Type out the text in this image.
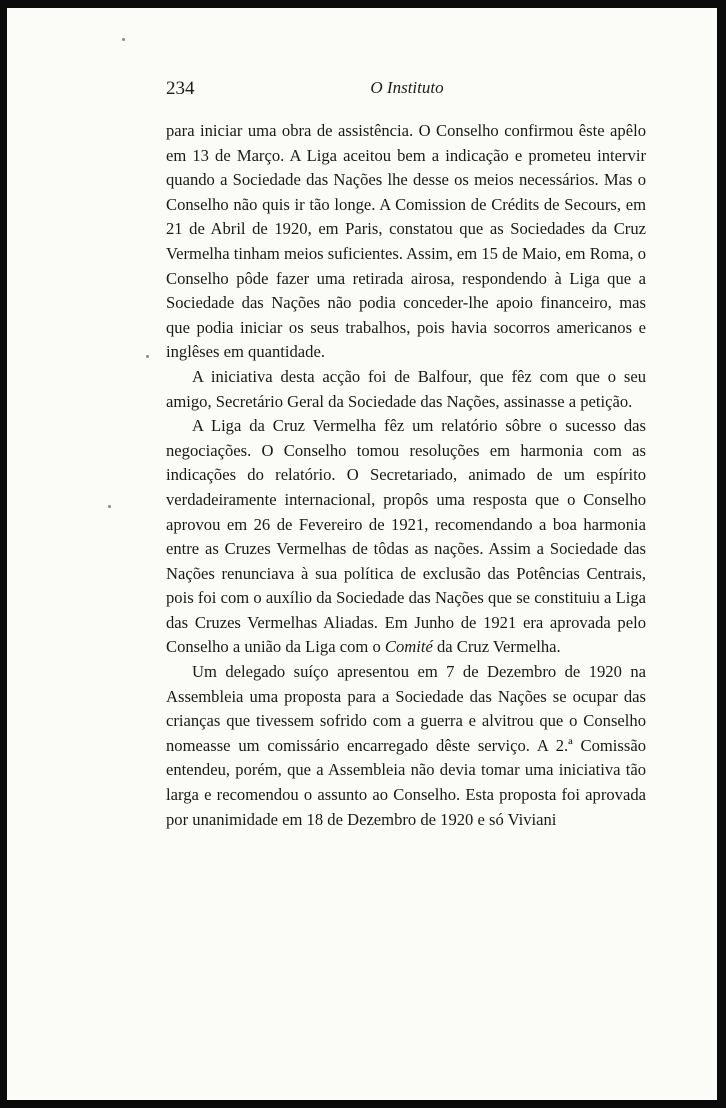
234	O Instituto

para iniciar uma obra de assistência. O Conselho confirmou êste apêlo em 13 de Março. A Liga aceitou bem a indicação e prometeu intervir quando a Sociedade das Nações lhe desse os meios necessários. Mas o Conselho não quis ir tão longe. A Comission de Crédits de Secours, em 21 de Abril de 1920, em Paris, constatou que as Sociedades da Cruz Vermelha tinham meios suficientes. Assim, em 15 de Maio, em Roma, o Conselho pôde fazer uma retirada airosa, respondendo à Liga que a Sociedade das Nações não podia conceder-lhe apoio financeiro, mas que podia iniciar os seus trabalhos, pois havia socorros americanos e inglêses em quantidade.

A iniciativa desta acção foi de Balfour, que fêz com que o seu amigo, Secretário Geral da Sociedade das Nações, assinasse a petição.

A Liga da Cruz Vermelha fêz um relatório sôbre o sucesso das negociações. O Conselho tomou resoluções em harmonia com as indicações do relatório. O Secretariado, animado de um espírito verdadeiramente internacional, propôs uma resposta que o Conselho aprovou em 26 de Fevereiro de 1921, recomendando a boa harmonia entre as Cruzes Vermelhas de tôdas as nações. Assim a Sociedade das Nações renunciava à sua política de exclusão das Potências Centrais, pois foi com o auxílio da Sociedade das Nações que se constituiu a Liga das Cruzes Vermelhas Aliadas. Em Junho de 1921 era aprovada pelo Conselho a união da Liga com o Comité da Cruz Vermelha.

Um delegado suíço apresentou em 7 de Dezembro de 1920 na Assembleia uma proposta para a Sociedade das Nações se ocupar das crianças que tivessem sofrido com a guerra e alvitrou que o Conselho nomeasse um comissário encarregado dêste serviço. A 2.ª Comissão entendeu, porém, que a Assembleia não devia tomar uma iniciativa tão larga e recomendou o assunto ao Conselho. Esta proposta foi aprovada por unanimidade em 18 de Dezembro de 1920 e só Viviani
